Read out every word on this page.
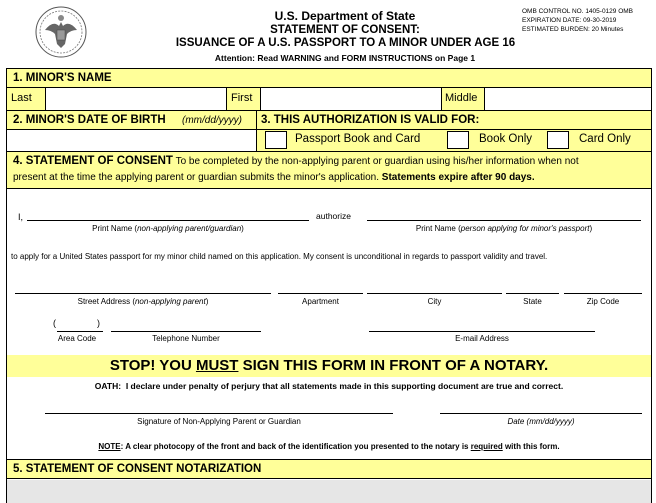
U.S. Department of State
STATEMENT OF CONSENT:
ISSUANCE OF A U.S. PASSPORT TO A MINOR UNDER AGE 16
Attention: Read WARNING and FORM INSTRUCTIONS on Page 1
OMB CONTROL NO. 1405-0129 OMB
EXPIRATION DATE: 09-30-2019
ESTIMATED BURDEN: 20 Minutes
1. MINOR'S NAME
Last	First	Middle
2. MINOR'S DATE OF BIRTH (mm/dd/yyyy) 3. THIS AUTHORIZATION IS VALID FOR:
Passport Book and Card	Book Only	Card Only
4. STATEMENT OF CONSENT To be completed by the non-applying parent or guardian using his/her information when not
present at the time the applying parent or guardian submits the minor's application. Statements expire after 90 days.
I,	authorize
Print Name (non-applying parent/guardian)	Print Name (person applying for minor's passport)
to apply for a United States passport for my minor child named on this application. My consent is unconditional in regards to passport validity and travel.
Street Address (non-applying parent)	Apartment	City	State	Zip Code
(	)
Area Code	Telephone Number	E-mail Address
STOP! YOU MUST SIGN THIS FORM IN FRONT OF A NOTARY.
OATH: I declare under penalty of perjury that all statements made in this supporting document are true and correct.
Signature of Non-Applying Parent or Guardian	Date (mm/dd/yyyy)
NOTE: A clear photocopy of the front and back of the identification you presented to the notary is required with this form.
5. STATEMENT OF CONSENT NOTARIZATION
